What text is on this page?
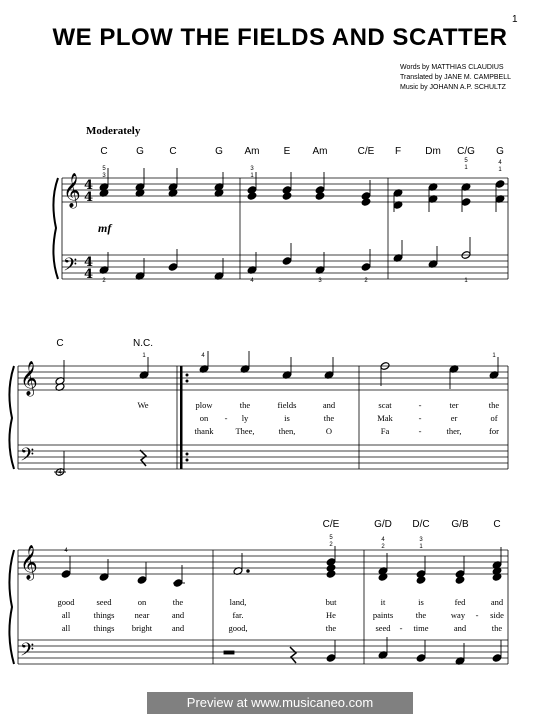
1
WE PLOW THE FIELDS AND SCATTER
Words by MATTHIAS CLAUDIUS
Translated by JANE M. CAMPBELL
Music by JOHANN A.P. SCHULTZ
Moderately
C	G	C	G Am E Am	C/E F Dm C/G G
5
3
3
1
5
1
4
1
2	4	3	2	1
mf
C	N.C.
1	4	1
4
We	plow	the	fields	and	scat	-	ter	the
on - ly	is	the	Mak	-	er	of
thank	Thee,	then,	O	Fa	-	ther,	for
C/E	G/D D/C G/B C
4
5
2
4
2
3
1
good	seed	on	the	land,	but	it	is	fed	and
all	things near	and	far.	He	paints	the	way - side
all	things bright and	good,	the	seed - time	and	the
𝄞
𝄢
𝄞
𝄢
𝄞
𝄢
4
4
4
4
Preview at www.musicaneo.com
